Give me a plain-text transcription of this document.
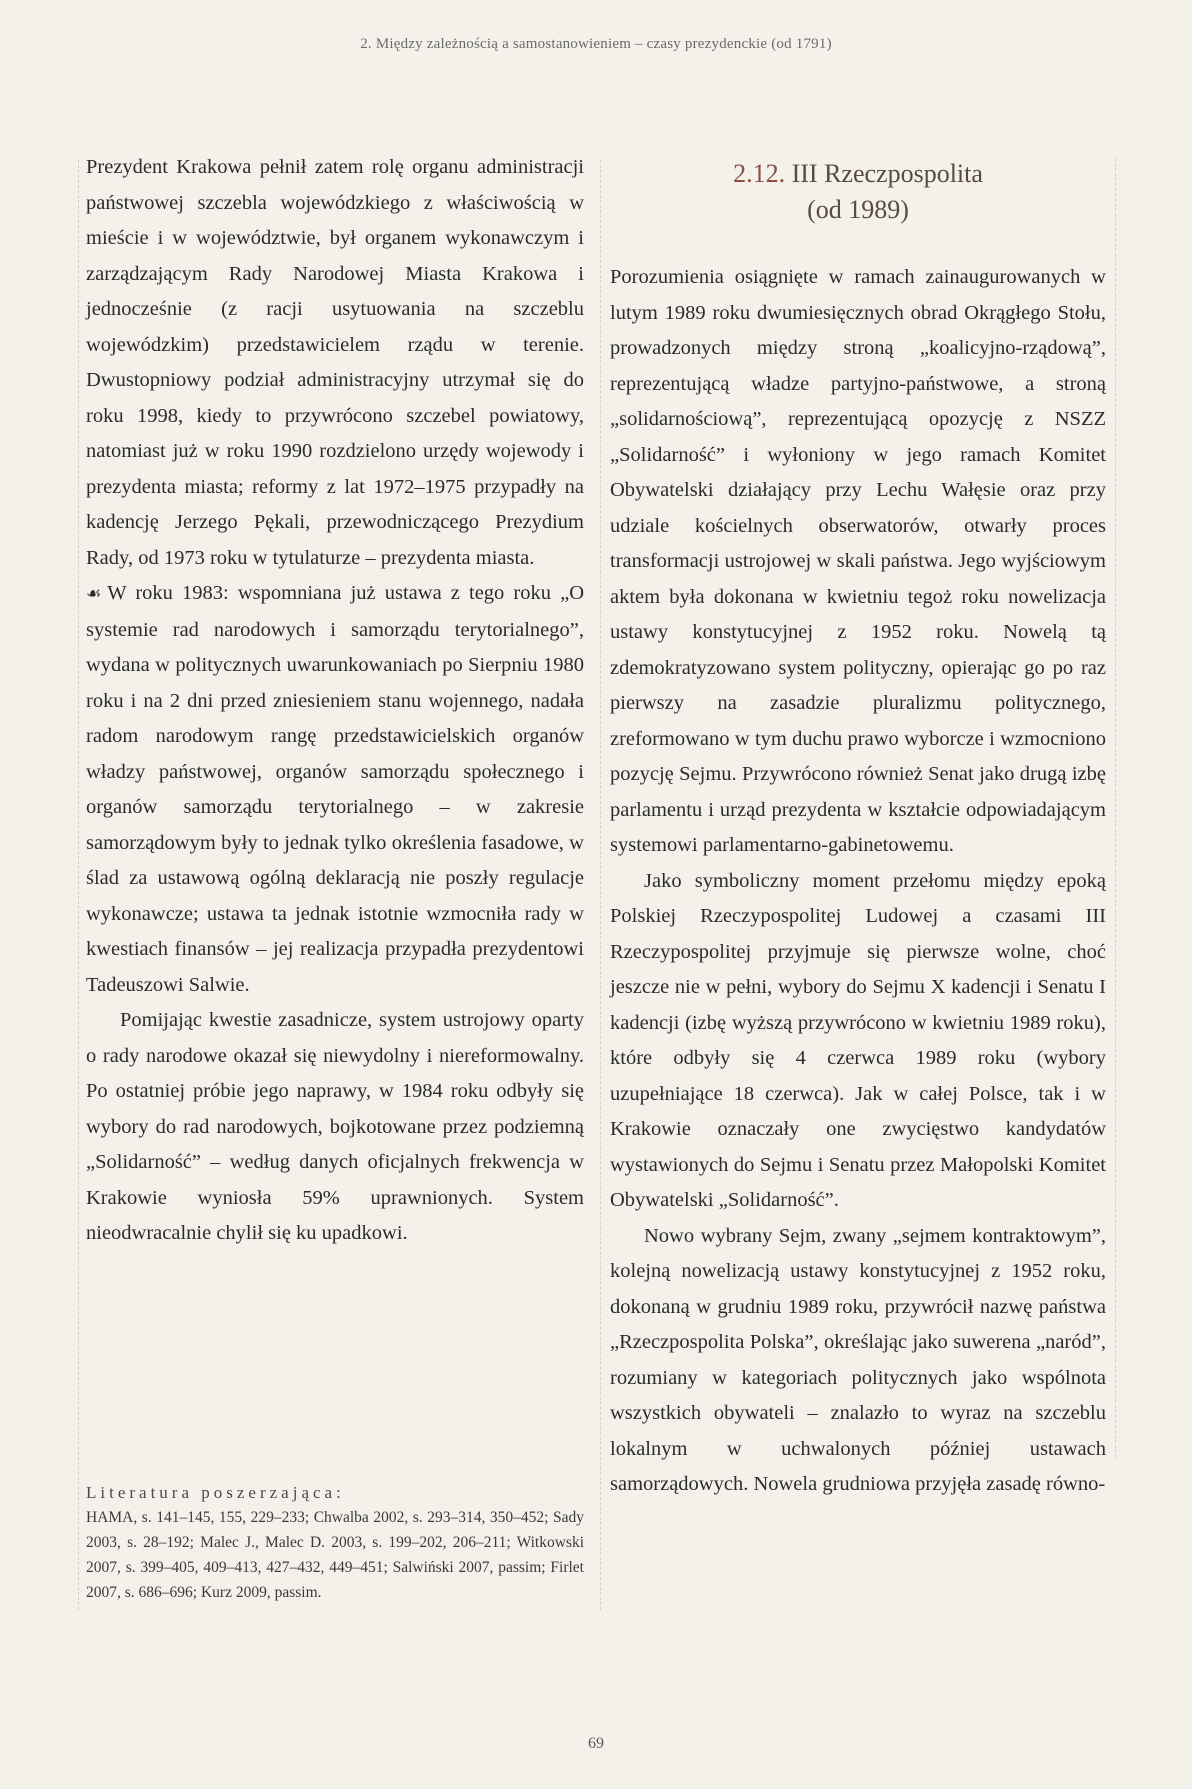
2. Między zależnością a samostanowieniem – czasy prezydenckie (od 1791)

Prezydent Krakowa pełnił zatem rolę organu administracji państwowej szczebla wojewódzkiego z właściwością w mieście i w województwie, był organem wykonawczym i zarządzającym Rady Narodowej Miasta Krakowa i jednocześnie (z racji usytuowania na szczeblu wojewódzkim) przedstawicielem rządu w terenie. Dwustopniowy podział administracyjny utrzymał się do roku 1998, kiedy to przywrócono szczebel powiatowy, natomiast już w roku 1990 rozdzielono urzędy wojewody i prezydenta miasta; reformy z lat 1972–1975 przypadły na kadencję Jerzego Pękali, przewodniczącego Prezydium Rady, od 1973 roku w tytulaturze – prezydenta miasta.

☙ W roku 1983: wspomniana już ustawa z tego roku „O systemie rad narodowych i samorządu terytorialnego”, wydana w politycznych uwarunkowaniach po Sierpniu 1980 roku i na 2 dni przed zniesieniem stanu wojennego, nadała radom narodowym rangę przedstawicielskich organów władzy państwowej, organów samorządu społecznego i organów samorządu terytorialnego – w zakresie samorządowym były to jednak tylko określenia fasadowe, w ślad za ustawową ogólną deklaracją nie poszły regulacje wykonawcze; ustawa ta jednak istotnie wzmocniła rady w kwestiach finansów – jej realizacja przypadła prezydentowi Tadeuszowi Salwie.

Pomijając kwestie zasadnicze, system ustrojowy oparty o rady narodowe okazał się niewydolny i niereformowalny. Po ostatniej próbie jego naprawy, w 1984 roku odbyły się wybory do rad narodowych, bojkotowane przez podziemną „Solidarność” – według danych oficjalnych frekwencja w Krakowie wyniosła 59% uprawnionych. System nieodwracalnie chylił się ku upadkowi.

Literatura poszerzająca:

HAMA, s. 141–145, 155, 229–233; Chwalba 2002, s. 293–314, 350–452; Sady 2003, s. 28–192; Malec J., Malec D. 2003, s. 199–202, 206–211; Witkowski 2007, s. 399–405, 409–413, 427–432, 449–451; Salwiński 2007, passim; Firlet 2007, s. 686–696; Kurz 2009, passim.

2.12. III Rzeczpospolita
(od 1989)

Porozumienia osiągnięte w ramach zainaugurowanych w lutym 1989 roku dwumiesięcznych obrad Okrągłego Stołu, prowadzonych między stroną „koalicyjno-rządową”, reprezentującą władze partyjno-państwowe, a stroną „solidarnościową”, reprezentującą opozycję z NSZZ „Solidarność” i wyłoniony w jego ramach Komitet Obywatelski działający przy Lechu Wałęsie oraz przy udziale kościelnych obserwatorów, otwarły proces transformacji ustrojowej w skali państwa. Jego wyjściowym aktem była dokonana w kwietniu tegoż roku nowelizacja ustawy konstytucyjnej z 1952 roku. Nowelą tą zdemokratyzowano system polityczny, opierając go po raz pierwszy na zasadzie pluralizmu politycznego, zreformowano w tym duchu prawo wyborcze i wzmocniono pozycję Sejmu. Przywrócono również Senat jako drugą izbę parlamentu i urząd prezydenta w kształcie odpowiadającym systemowi parlamentarno-gabinetowemu.

Jako symboliczny moment przełomu między epoką Polskiej Rzeczypospolitej Ludowej a czasami III Rzeczypospolitej przyjmuje się pierwsze wolne, choć jeszcze nie w pełni, wybory do Sejmu X kadencji i Senatu I kadencji (izbę wyższą przywrócono w kwietniu 1989 roku), które odbyły się 4 czerwca 1989 roku (wybory uzupełniające 18 czerwca). Jak w całej Polsce, tak i w Krakowie oznaczały one zwycięstwo kandydatów wystawionych do Sejmu i Senatu przez Małopolski Komitet Obywatelski „Solidarność”.

Nowo wybrany Sejm, zwany „sejmem kontraktowym”, kolejną nowelizacją ustawy konstytucyjnej z 1952 roku, dokonaną w grudniu 1989 roku, przywrócił nazwę państwa „Rzeczpospolita Polska”, określając jako suwerena „naród”, rozumiany w kategoriach politycznych jako wspólnota wszystkich obywateli – znalazło to wyraz na szczeblu lokalnym w uchwalonych później ustawach samorządowych. Nowela grudniowa przyjęła zasadę równo-

69
